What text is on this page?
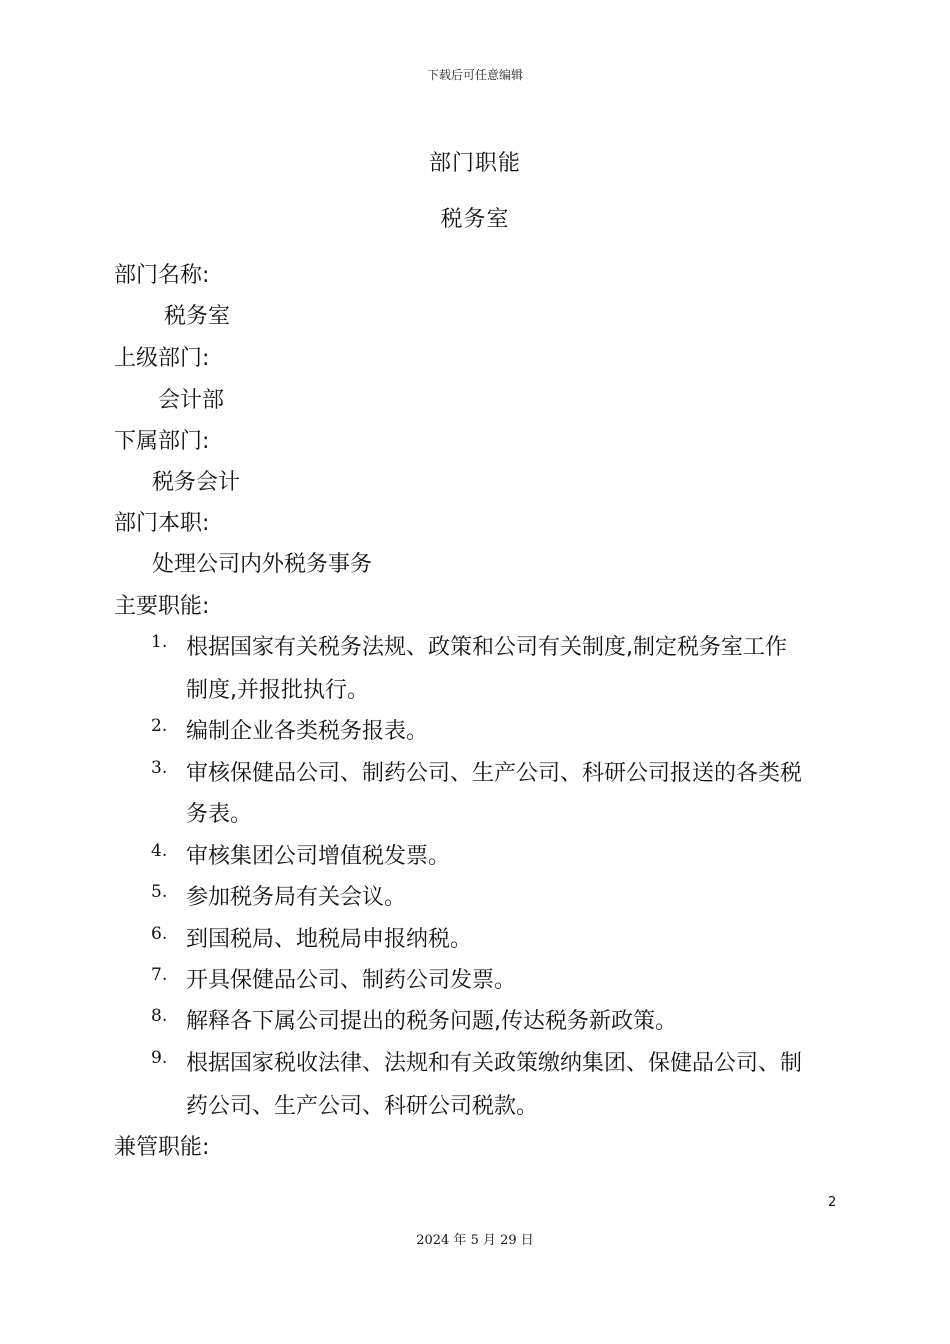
下载后可任意编辑
部门职能
税务室
部门名称:
税务室
上级部门:
会计部
下属部门:
税务会计
部门本职:
处理公司内外税务事务
主要职能:
1. 根据国家有关税务法规、政策和公司有关制度,制定税务室工作
制度,并报批执行。
2. 编制企业各类税务报表。
3. 审核保健品公司、制药公司、生产公司、科研公司报送的各类税
务表。
4. 审核集团公司增值税发票。
5. 参加税务局有关会议。
6. 到国税局、地税局申报纳税。
7. 开具保健品公司、制药公司发票。
8. 解释各下属公司提出的税务问题,传达税务新政策。
9. 根据国家税收法律、法规和有关政策缴纳集团、保健品公司、制
药公司、生产公司、科研公司税款。
兼管职能:
2
2024 年 5 月 29 日
